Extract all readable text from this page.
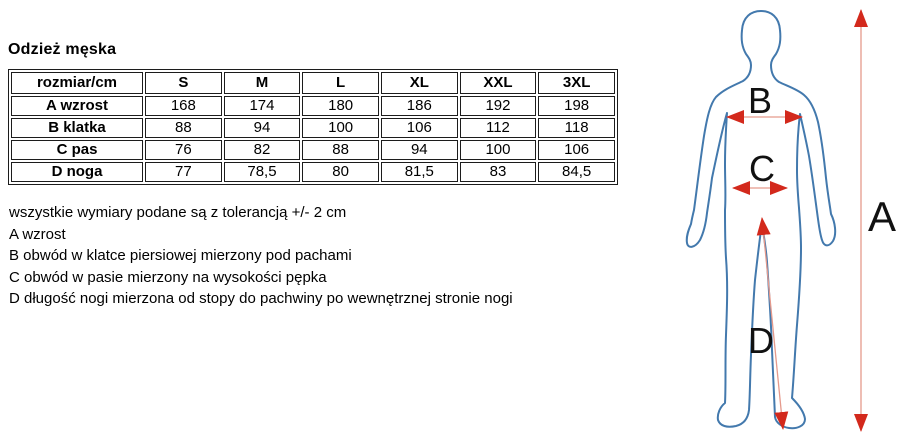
Odzież męska
rozmiar/cm	S	M	L	XL	XXL	3XL
A wzrost	168	174	180	186	192	198
B klatka	88	94	100	106	112	118
C pas	76	82	88	94	100	106
D noga	77	78,5	80	81,5	83	84,5
wszystkie wymiary podane są z tolerancją +/- 2 cm
A wzrost
B obwód w klatce piersiowej mierzony pod pachami
C obwód w pasie mierzony na wysokości pępka
D długość nogi mierzona od stopy do pachwiny po wewnętrznej stronie nogi
B
C
D
A
